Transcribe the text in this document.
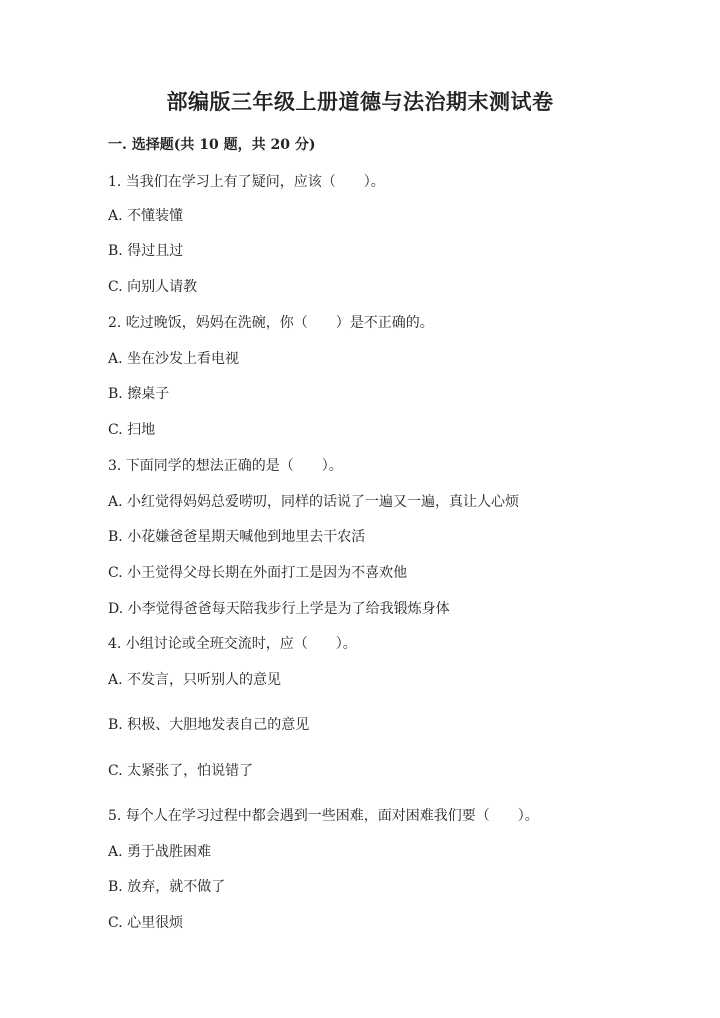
部编版三年级上册道德与法治期末测试卷
一. 选择题(共 10 题，共 20 分)
1. 当我们在学习上有了疑问，应该（　　）。
A. 不懂装懂
B. 得过且过
C. 向别人请教
2. 吃过晚饭，妈妈在洗碗，你（　　）是不正确的。
A. 坐在沙发上看电视
B. 擦桌子
C. 扫地
3. 下面同学的想法正确的是（　　）。
A. 小红觉得妈妈总爱唠叨，同样的话说了一遍又一遍，真让人心烦
B. 小花嫌爸爸星期天喊他到地里去干农活
C. 小王觉得父母长期在外面打工是因为不喜欢他
D. 小李觉得爸爸每天陪我步行上学是为了给我锻炼身体
4. 小组讨论或全班交流时，应（　　）。
A. 不发言，只听别人的意见
B. 积极、大胆地发表自己的意见
C. 太紧张了，怕说错了
5. 每个人在学习过程中都会遇到一些困难，面对困难我们要（　　）。
A. 勇于战胜困难
B. 放弃，就不做了
C. 心里很烦
